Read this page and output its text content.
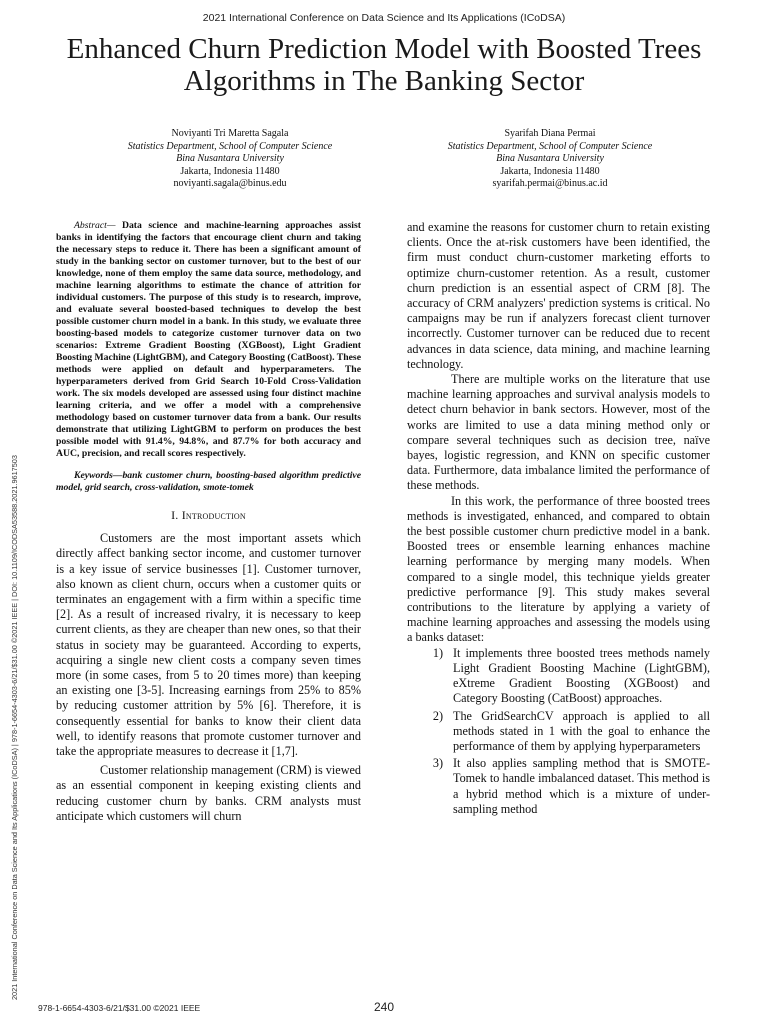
2021 International Conference on Data Science and Its Applications (ICoDSA)
Enhanced Churn Prediction Model with Boosted Trees Algorithms in The Banking Sector
Noviyanti Tri Maretta Sagala
Statistics Department, School of Computer Science
Bina Nusantara University
Jakarta, Indonesia 11480
noviyanti.sagala@binus.edu
Syarifah Diana Permai
Statistics Department, School of Computer Science
Bina Nusantara University
Jakarta, Indonesia 11480
syarifah.permai@binus.ac.id
2021 International Conference on Data Science and Its Applications (ICoDSA) | 978-1-6654-4303-6/21/$31.00 ©2021 IEEE | DOI: 10.1109/ICODSA53588.2021.9617503

Abstract— Data science and machine-learning approaches assist banks in identifying the factors that encourage client churn and taking the necessary steps to reduce it. There has been a significant amount of study in the banking sector on customer turnover, but to the best of our knowledge, none of them employ the same data source, methodology, and machine learning algorithms to estimate the chance of attrition for individual customers. The purpose of this study is to research, improve, and evaluate several boosted-based techniques to develop the best possible customer churn model in a bank. In this study, we evaluate three boosting-based models to categorize customer turnover data on two scenarios: Extreme Gradient Boosting (XGBoost), Light Gradient Boosting Machine (LightGBM), and Category Boosting (CatBoost). These methods were applied on default and hyperparameters. The hyperparameters derived from Grid Search 10-Fold Cross-Validation work. The six models developed are assessed using four distinct machine learning criteria, and we offer a model with a comprehensive methodology based on customer turnover data from a bank. Our results demonstrate that utilizing LightGBM to perform on produces the best possible model with 91.4%, 94.8%, and 87.7% for both accuracy and AUC, precision, and recall scores respectively.

Keywords—bank customer churn, boosting-based algorithm predictive model, grid search, cross-validation, smote-tomek

I. Introduction

Customers are the most important assets which directly affect banking sector income, and customer turnover is a key issue of service businesses [1]. Customer turnover, also known as client churn, occurs when a customer quits or terminates an engagement with a firm within a specific time [2]. As a result of increased rivalry, it is necessary to keep current clients, as they are cheaper than new ones, so that their status in society may be guaranteed. According to experts, acquiring a single new client costs a company seven times more (in some cases, from 5 to 20 times more) than keeping an existing one [3-5]. Increasing earnings from 25% to 85% by reducing customer attrition by 5% [6]. Therefore, it is consequently essential for banks to know their client data well, to identify reasons that promote customer turnover and take the appropriate measures to decrease it [1,7].

Customer relationship management (CRM) is viewed as an essential component in keeping existing clients and reducing customer churn by banks. CRM analysts must anticipate which customers will churn

and examine the reasons for customer churn to retain existing clients. Once the at-risk customers have been identified, the firm must conduct churn-customer marketing efforts to optimize churn-customer retention. As a result, customer churn prediction is an essential aspect of CRM [8]. The accuracy of CRM analyzers' prediction systems is critical. No campaigns may be run if analyzers forecast client turnover incorrectly. Customer turnover can be reduced due to recent advances in data science, data mining, and machine learning technology.

There are multiple works on the literature that use machine learning approaches and survival analysis models to detect churn behavior in bank sectors. However, most of the works are limited to use a data mining method only or compare several techniques such as decision tree, naïve bayes, logistic regression, and KNN on specific customer data. Furthermore, data imbalance limited the performance of these methods.

In this work, the performance of three boosted trees methods is investigated, enhanced, and compared to obtain the best possible customer churn predictive model in a bank. Boosted trees or ensemble learning enhances machine learning performance by merging many models. When compared to a single model, this technique yields greater predictive performance [9]. This study makes several contributions to the literature by applying a variety of machine learning approaches and assessing the models using a banks dataset:

1) It implements three boosted trees methods namely Light Gradient Boosting Machine (LightGBM), eXtreme Gradient Boosting (XGBoost) and Category Boosting (CatBoost) approaches.
2) The GridSearchCV approach is applied to all methods stated in 1 with the goal to enhance the performance of them by applying hyperparameters
3) It also applies sampling method that is SMOTE-Tomek to handle imbalanced dataset. This method is a hybrid method which is a mixture of under-sampling method
978-1-6654-4303-6/21/$31.00 ©2021 IEEE	240
